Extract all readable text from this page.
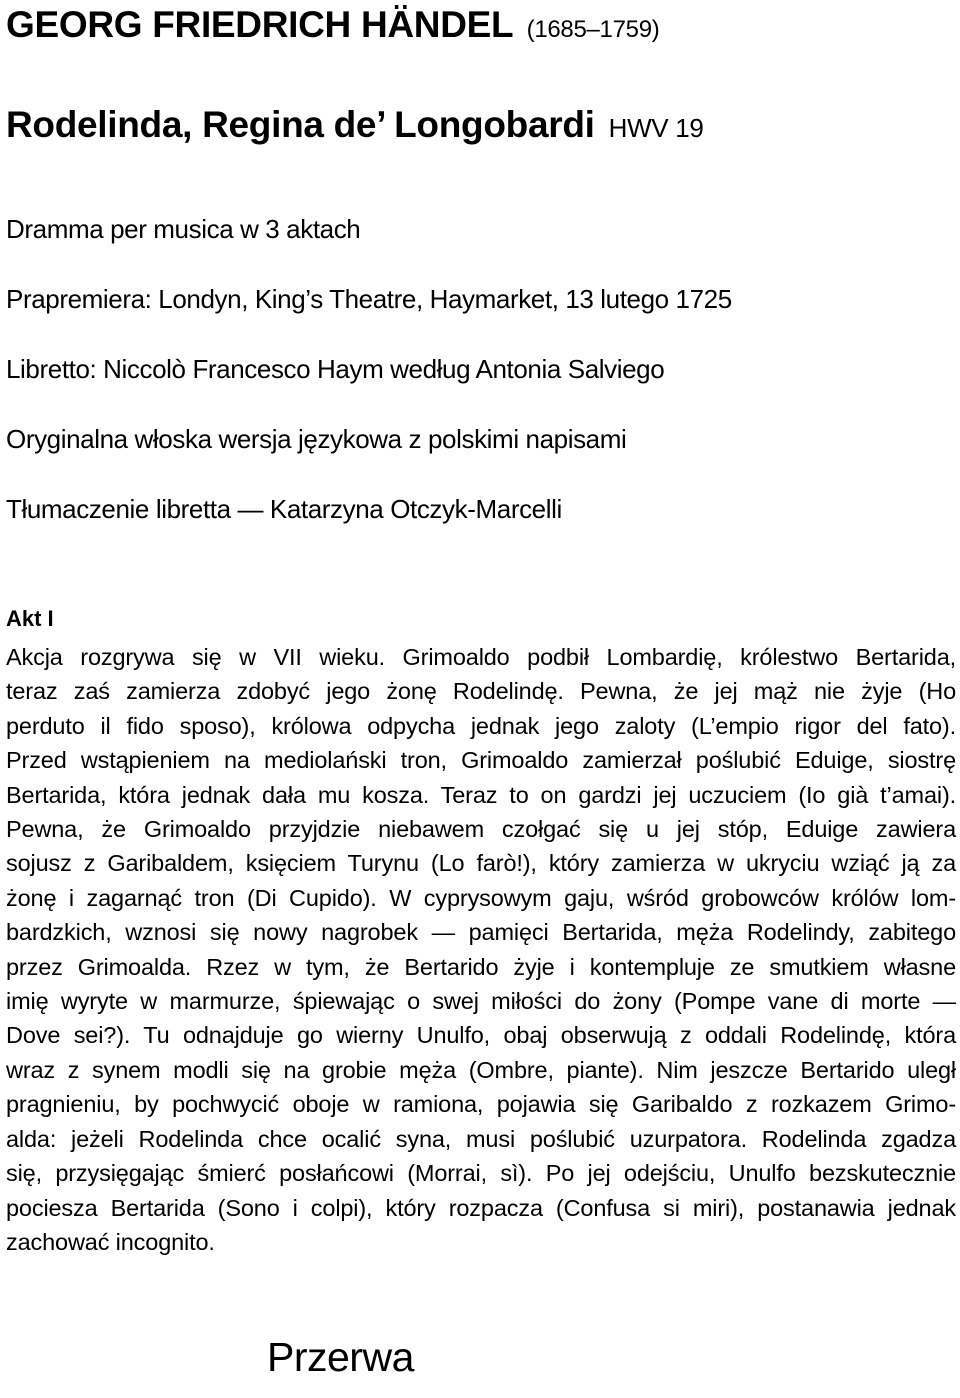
GEORG FRIEDRICH HÄNDEL (1685–1759)
Rodelinda, Regina de’ Longobardi HWV 19
Dramma per musica w 3 aktach
Prapremiera: Londyn, King’s Theatre, Haymarket, 13 lutego 1725
Libretto: Niccolò Francesco Haym według Antonia Salviego
Oryginalna włoska wersja językowa z polskimi napisami
Tłumaczenie libretta — Katarzyna Otczyk-Marcelli
Akt I
Akcja rozgrywa się w VII wieku. Grimoaldo podbił Lombardię, królestwo Bertarida,
teraz zaś zamierza zdobyć jego żonę Rodelindę. Pewna, że jej mąż nie żyje (Ho
perduto il fido sposo), królowa odpycha jednak jego zaloty (L’empio rigor del fato).
Przed wstąpieniem na mediolański tron, Grimoaldo zamierzał poślubić Eduige, siostrę
Bertarida, która jednak dała mu kosza. Teraz to on gardzi jej uczuciem (Io già t’amai).
Pewna, że Grimoaldo przyjdzie niebawem czołgać się u jej stóp, Eduige zawiera
sojusz z Garibaldem, księciem Turynu (Lo farò!), który zamierza w ukryciu wziąć ją za
żonę i zagarnąć tron (Di Cupido). W cyprysowym gaju, wśród grobowców królów lom-
bardzkich, wznosi się nowy nagrobek — pamięci Bertarida, męża Rodelindy, zabitego
przez Grimoalda. Rzez w tym, że Bertarido żyje i kontempluje ze smutkiem własne
imię wyryte w marmurze, śpiewając o swej miłości do żony (Pompe vane di morte —
Dove sei?). Tu odnajduje go wierny Unulfo, obaj obserwują z oddali Rodelindę, która
wraz z synem modli się na grobie męża (Ombre, piante). Nim jeszcze Bertarido uległ
pragnieniu, by pochwycić oboje w ramiona, pojawia się Garibaldo z rozkazem Grimo-
alda: jeżeli Rodelinda chce ocalić syna, musi poślubić uzurpatora. Rodelinda zgadza
się, przysięgając śmierć posłańcowi (Morrai, sì). Po jej odejściu, Unulfo bezskutecznie
pociesza Bertarida (Sono i colpi), który rozpacza (Confusa si miri), postanawia jednak
zachować incognito.
Przerwa
